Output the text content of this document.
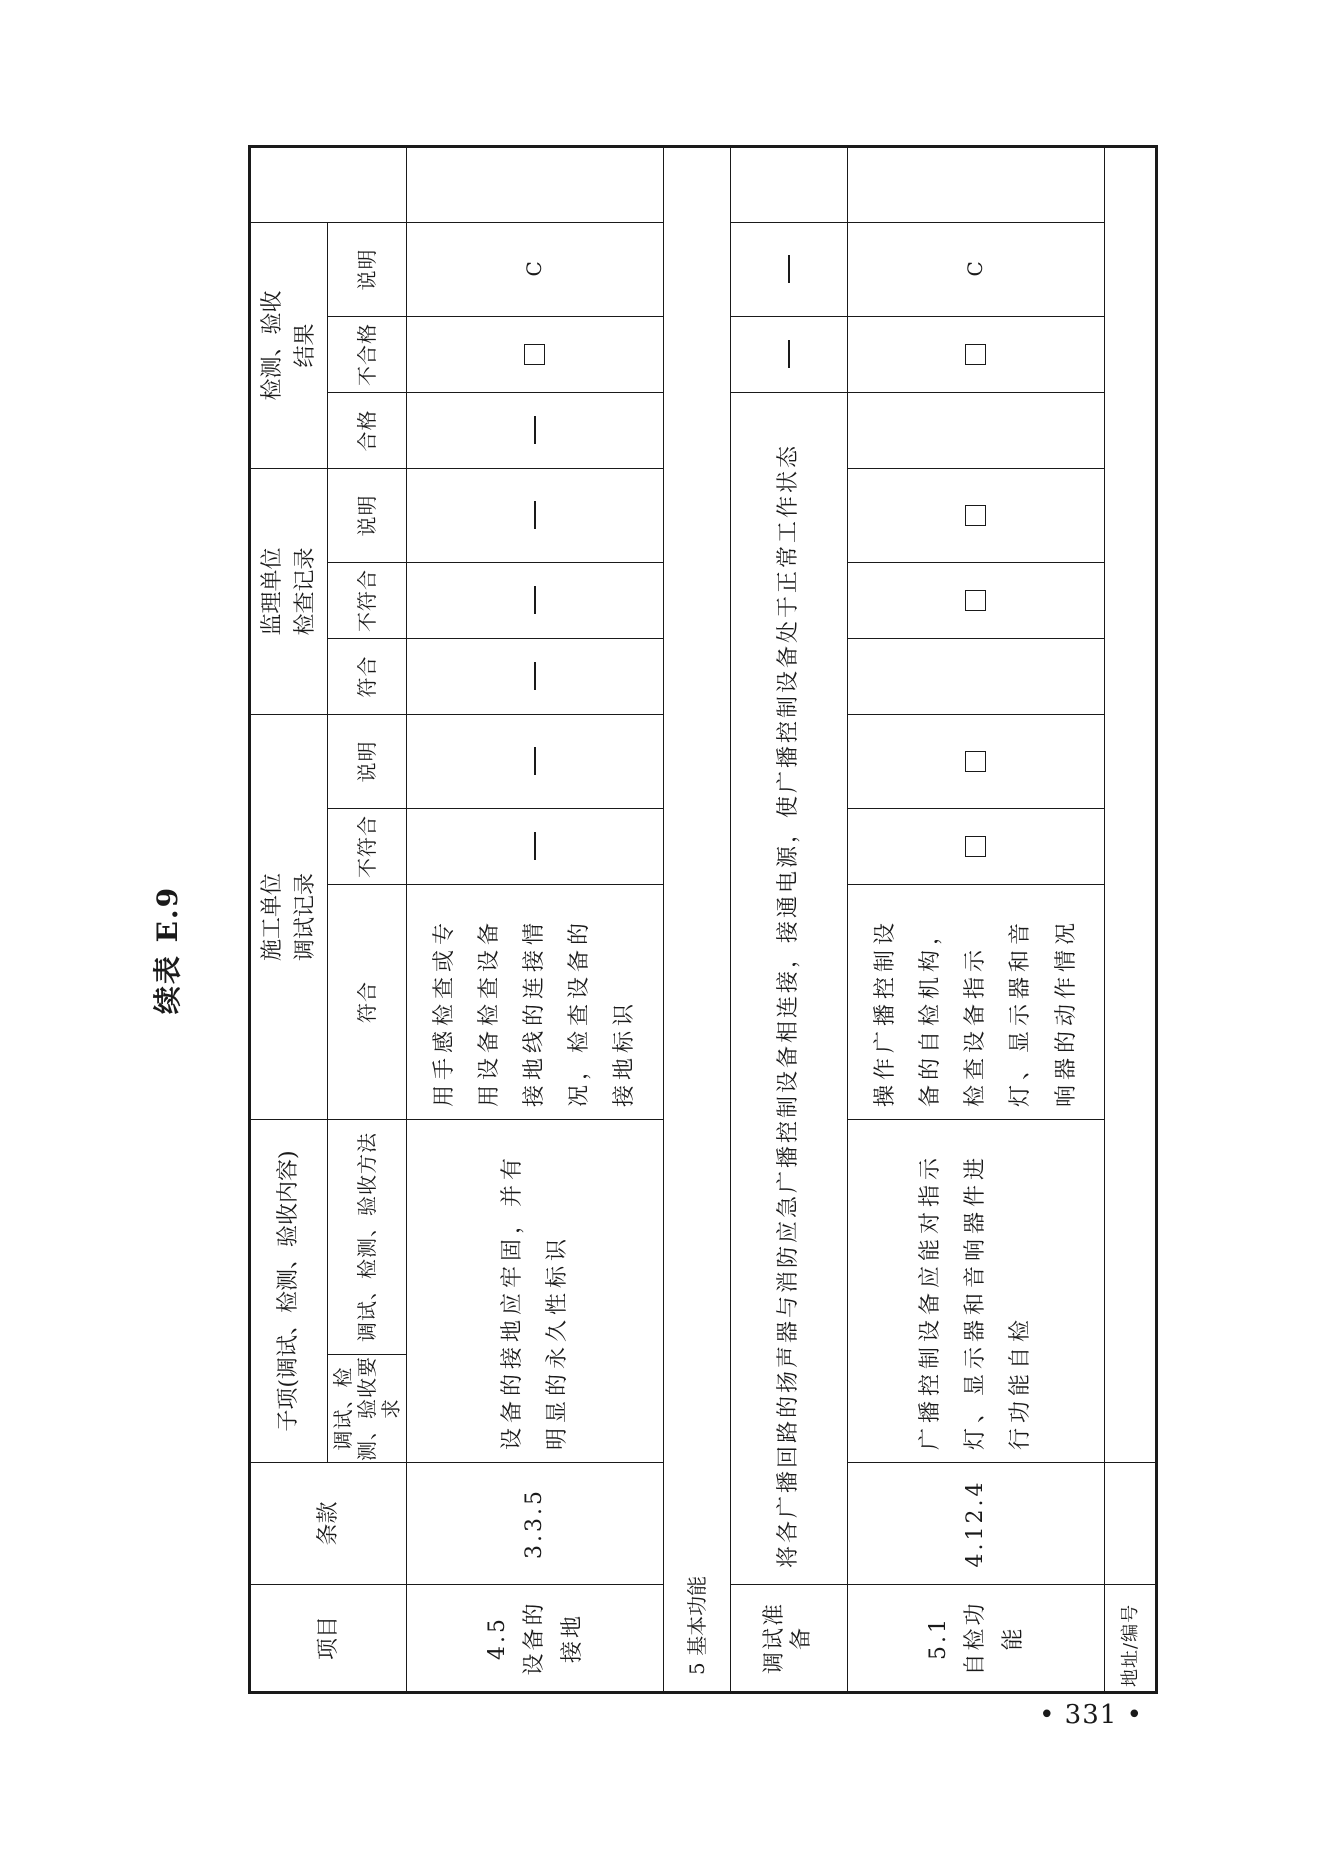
续表 E.9
项目	条款	子项(调试、检测、验收内容)		施工单位调试记录			监理单位检查记录			检测、验收结果			

		调试、检测、验收要求	调试、检测、验收方法	符合	不符合	说明	符合	不符合	说明	合格	不合格	说明	
4.5 设备的接地	3.3.5	设备的接地应牢固，并有明显的永久性标识		用手感检查或专用设备检查设备接地线的连接情况，检查设备的接地标识								C	
5 基本功能													
调试准备	将各广播回路的扬声器与消防应急广播控制设备相连接，接通电源，使广播控制设备处于正常工作状态												
5.1 自检功能	4.12.4	广播控制设备应能对指示灯、显示器和音响器件进行功能自检		操作广播控制设备的自检机构，检查设备指示灯、显示器和音响器的动作情况								C	
地址/编号													
• 331 •
